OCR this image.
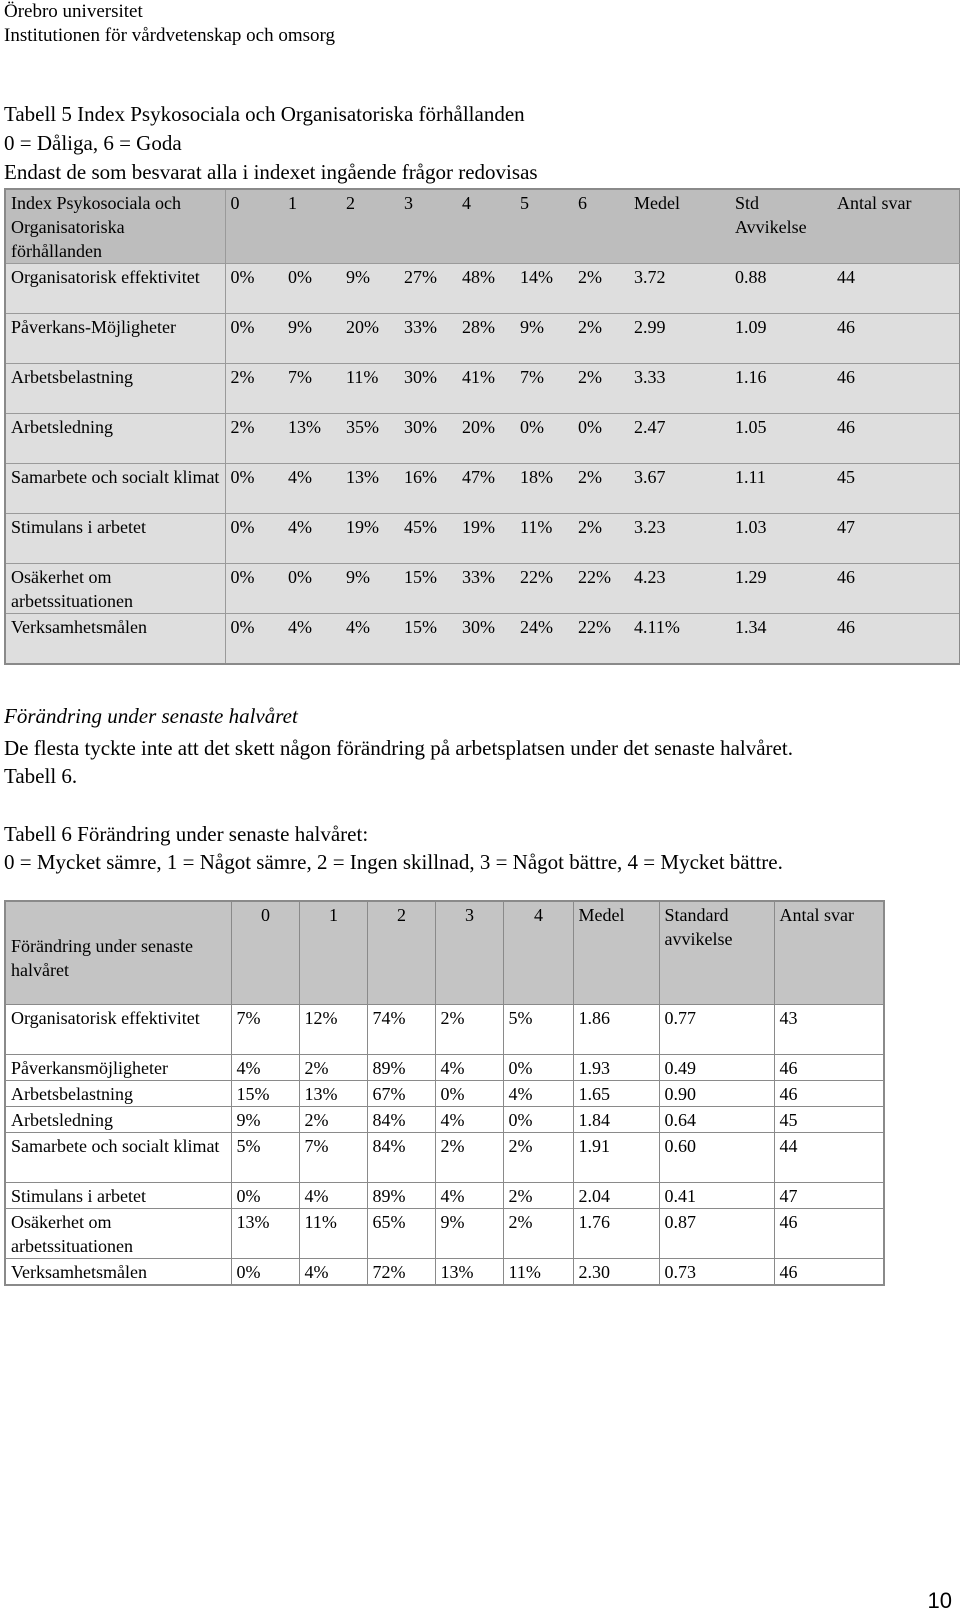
Örebro universitet
Institutionen för vårdvetenskap och omsorg
Tabell 5 Index Psykosociala och Organisatoriska förhållanden
0 = Dåliga, 6 = Goda
Endast de som besvarat alla i indexet ingående frågor redovisas
Index Psykosociala och Organisatoriska förhållanden	0	1	2	3	4	5	6	Medel	Std Avvikelse	Antal svar	
Organisatorisk effektivitet	0%	0%	9%	27%	48%	14%	2%	3.72	0.88	44	
Påverkans-Möjligheter	0%	9%	20%	33%	28%	9%	2%	2.99	1.09	46	
Arbetsbelastning	2%	7%	11%	30%	41%	7%	2%	3.33	1.16	46	
Arbetsledning	2%	13%	35%	30%	20%	0%	0%	2.47	1.05	46	
Samarbete och socialt klimat	0%	4%	13%	16%	47%	18%	2%	3.67	1.11	45	
Stimulans i arbetet	0%	4%	19%	45%	19%	11%	2%	3.23	1.03	47	
Osäkerhet om arbetssituationen	0%	0%	9%	15%	33%	22%	22%	4.23	1.29	46	
Verksamhetsmålen	0%	4%	4%	15%	30%	24%	22%	4.11%	1.34	46	
Förändring under senaste halvåret
De flesta tyckte inte att det skett någon förändring på arbetsplatsen under det senaste halvåret.
Tabell 6.
Tabell 6 Förändring under senaste halvåret:
0 = Mycket sämre, 1 = Något sämre, 2 = Ingen skillnad, 3 = Något bättre, 4 = Mycket bättre.
Förändring under senaste halvåret	0	1	2	3	4	Medel	Standard avvikelse	Antal svar
Organisatorisk effektivitet	7%	12%	74%	2%	5%	1.86	0.77	43
Påverkansmöjligheter	4%	2%	89%	4%	0%	1.93	0.49	46
Arbetsbelastning	15%	13%	67%	0%	4%	1.65	0.90	46
Arbetsledning	9%	2%	84%	4%	0%	1.84	0.64	45
Samarbete och socialt klimat	5%	7%	84%	2%	2%	1.91	0.60	44
Stimulans i arbetet	0%	4%	89%	4%	2%	2.04	0.41	47
Osäkerhet om arbetssituationen	13%	11%	65%	9%	2%	1.76	0.87	46
Verksamhetsmålen	0%	4%	72%	13%	11%	2.30	0.73	46
10
